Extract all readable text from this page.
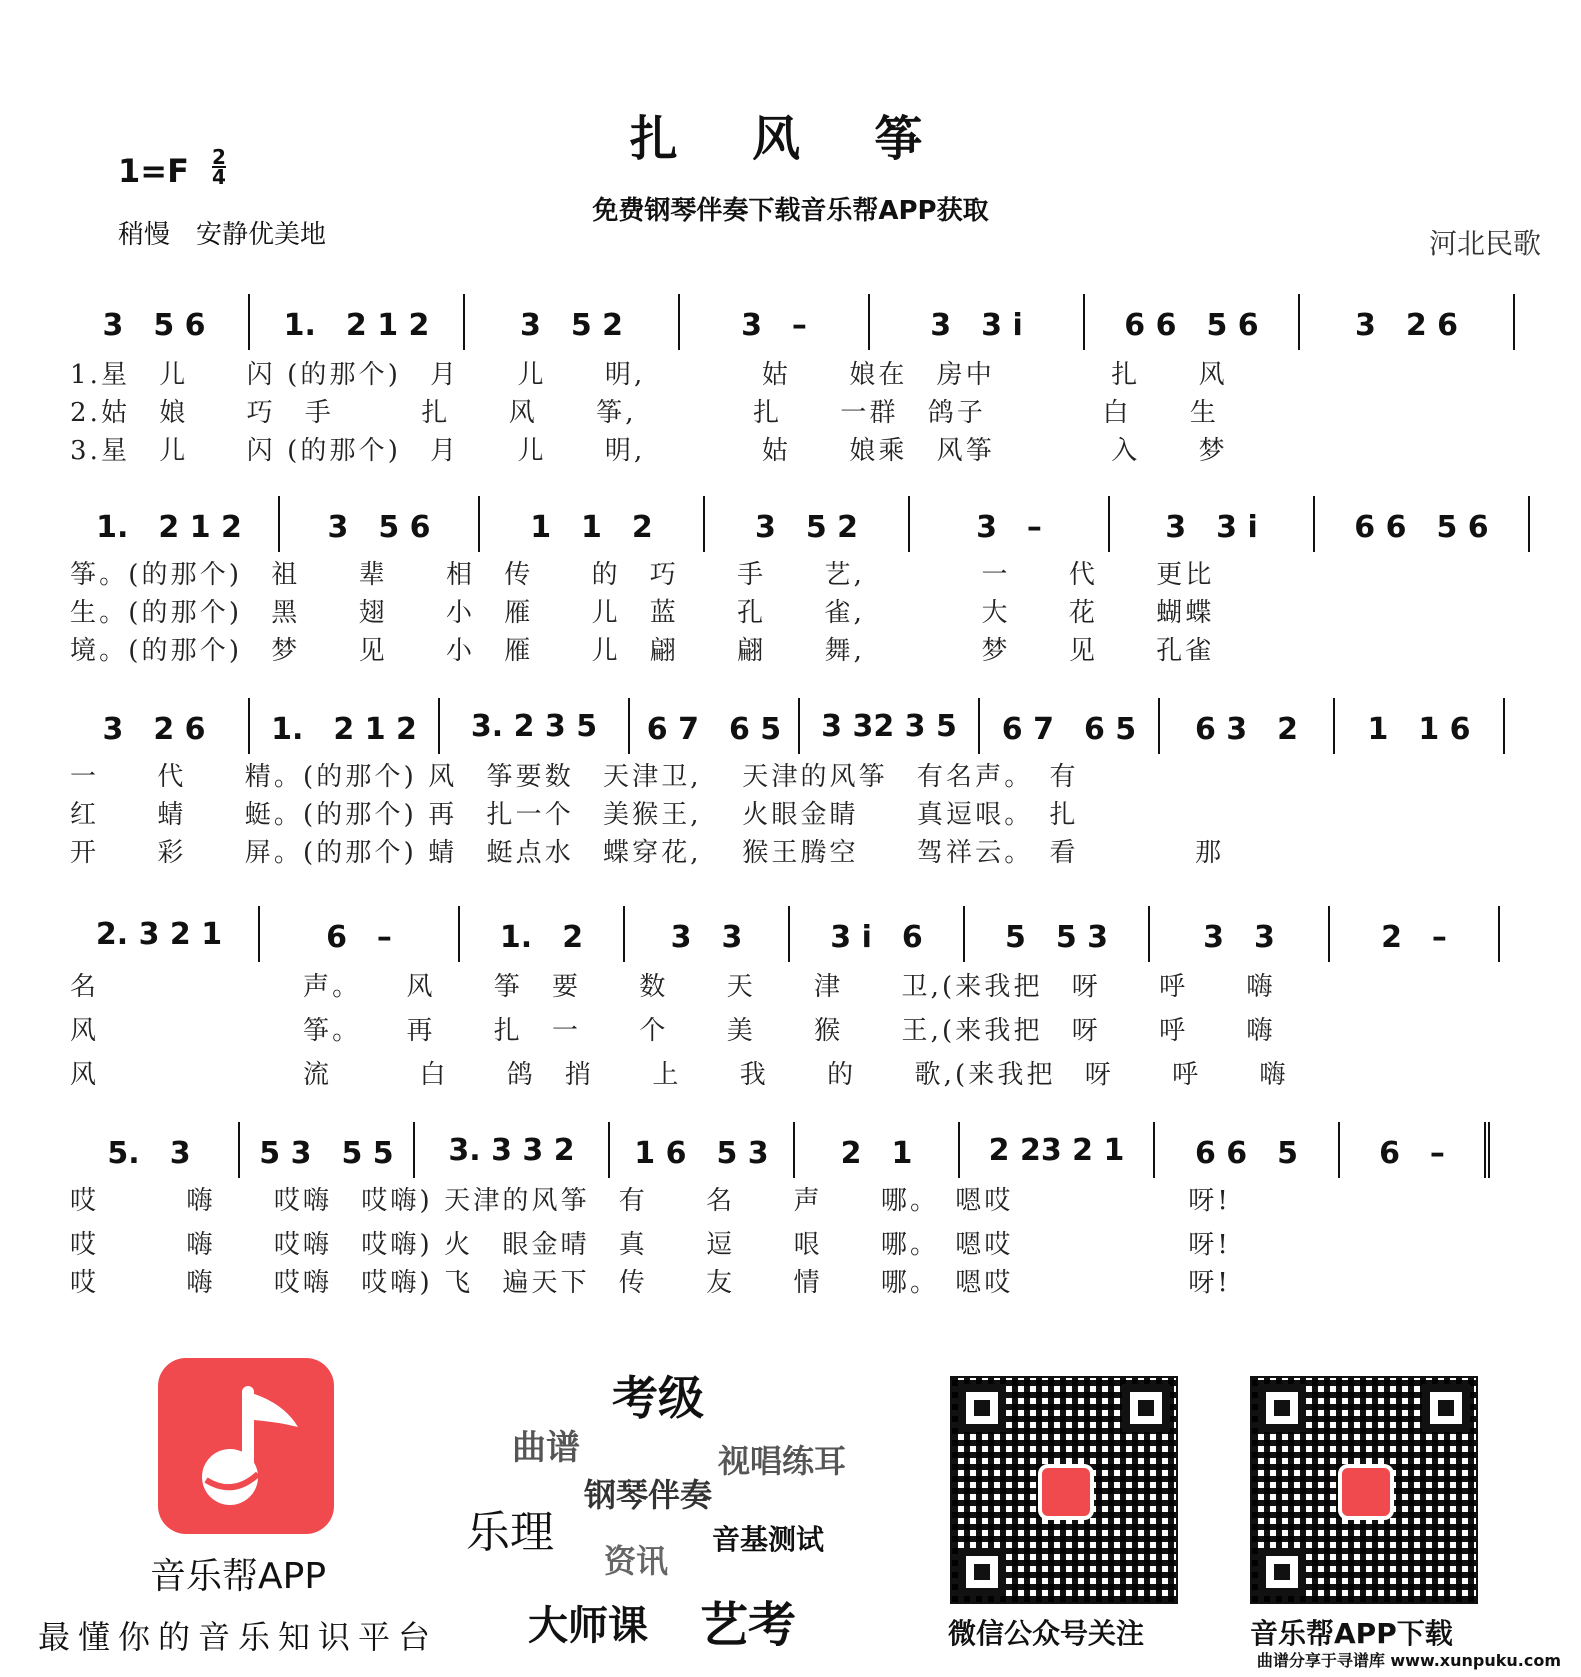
扎 风 筝
1=F 2
4
稍慢　安静优美地
免费钢琴伴奏下载音乐帮APP获取
河北民歌
3　5 6	1.　2 1 2	3　5 2	3　–	3　3 i	6 6　5 6	3　2 6
1.星　儿　　闪 (的那个)　月　　儿　　明,　　　　姑　　娘在　房中　　　　扎　　风
2.姑　娘　　巧　手　　　扎　　风　　筝,　　　　扎　　一群　鸽子　　　　白　　生
3.星　儿　　闪 (的那个)　月　　儿　　明,　　　　姑　　娘乘　风筝　　　　入　　梦
1.　2 1 2	3　5 6	1　1　2	3　5 2	3　–	3　3 i	6 6　5 6
筝。(的那个)　祖　　辈　　相　传　　的　巧　　手　　艺,　　　　一　　代　　更比
生。(的那个)　黑　　翅　　小　雁　　儿　蓝　　孔　　雀,　　　　大　　花　　蝴蝶
境。(的那个)　梦　　见　　小　雁　　儿　翩　　翩　　舞,　　　　梦　　见　　孔雀
3　2 6	1.　2 1 2	3. 2 3 5	6 7　6 5	3 32 3 5	6 7　6 5	6 3　2	1　1 6
一　　代　　精。(的那个) 风　筝要数　天津卫,　 天津的风筝　有名声。　有
红　　蜻　　蜓。(的那个) 再　扎一个　美猴王,　 火眼金睛　　真逗哏。　扎
开　　彩　　屏。(的那个) 蜻　蜓点水　蝶穿花,　 猴王腾空　　驾祥云。　看　　　　那
2. 3 2 1	6　–	1.　2	3　3	3 i　6	5　5 3	3　3	2　–
名　　　　　　　声。　　风　　筝　要　　数　　天　　津　　卫,(来我把　呀　　呼　　嗨
风　　　　　　　筝。　　再　　扎　一　　个　　美　　猴　　王,(来我把　呀　　呼　　嗨
风　　　　　　　流　　　白　　鸽　捎　　上　　我　　的　　歌,(来我把　呀　　呼　　嗨
5.　3	5 3　5 5	3. 3 3 2	1 6　5 3	2　1	2 23 2 1	6 6　5	6　–
哎　　　嗨　　哎嗨　哎嗨) 天津的风筝　有　　名　　声　　哪。　嗯哎　　　　　　呀!
哎　　　嗨　　哎嗨　哎嗨) 火　眼金晴　真　　逗　　哏　　哪。　嗯哎　　　　　　呀!
哎　　　嗨　　哎嗨　哎嗨) 飞　遍天下　传　　友　　情　　哪。　嗯哎　　　　　　呀!
音乐帮APP
最懂你的音乐知识平台
考级
曲谱	视唱练耳
钢琴伴奏
乐理
资讯
音基测试
大师课 艺考	微信公众号关注	音乐帮APP下载
曲谱分享于寻谱库 www.xunpuku.com
